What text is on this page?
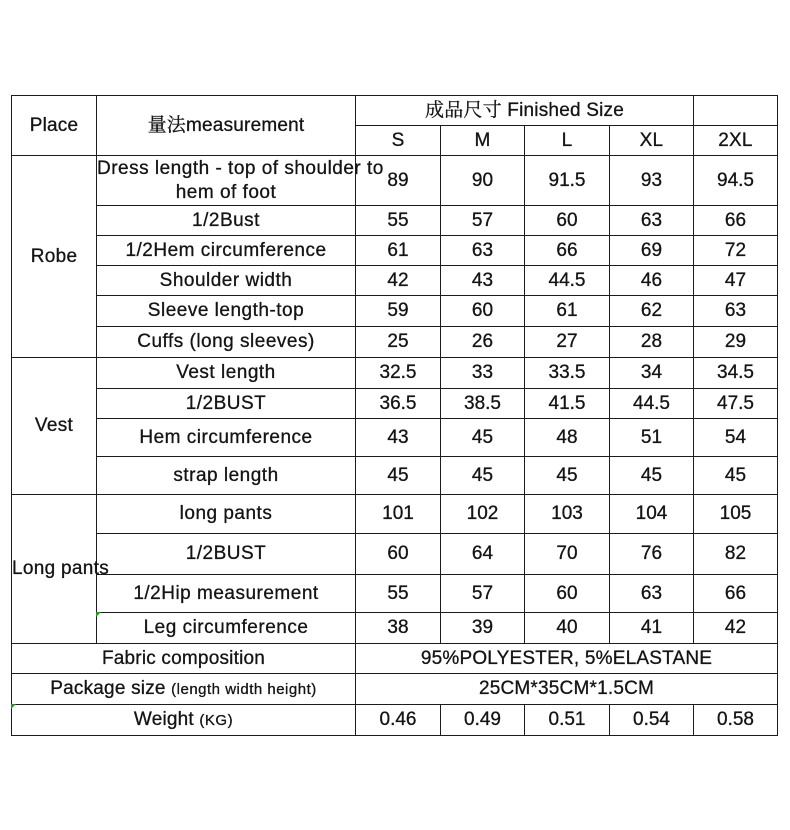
Place	量法measurement	成品尺寸 Finished Size				
		S	M	L	XL	2XL
Robe	Dress length - top of shoulder to
hem of foot	89	90	91.5	93	94.5
	1/2Bust	55	57	60	63	66
	1/2Hem circumference	61	63	66	69	72
	Shoulder width	42	43	44.5	46	47
	Sleeve length-top	59	60	61	62	63
	Cuffs (long sleeves)	25	26	27	28	29
Vest	Vest length	32.5	33	33.5	34	34.5
	1/2BUST	36.5	38.5	41.5	44.5	47.5
	Hem circumference	43	45	48	51	54
	strap length	45	45	45	45	45
Long pants	long pants	101	102	103	104	105
	1/2BUST	60	64	70	76	82
	1/2Hip measurement	55	57	60	63	66
	Leg circumference	38	39	40	41	42
Fabric composition		95%POLYESTER, 5%ELASTANE				
Package size (length width height)		25CM*35CM*1.5CM				
Weight (KG)		0.46	0.49	0.51	0.54	0.58
